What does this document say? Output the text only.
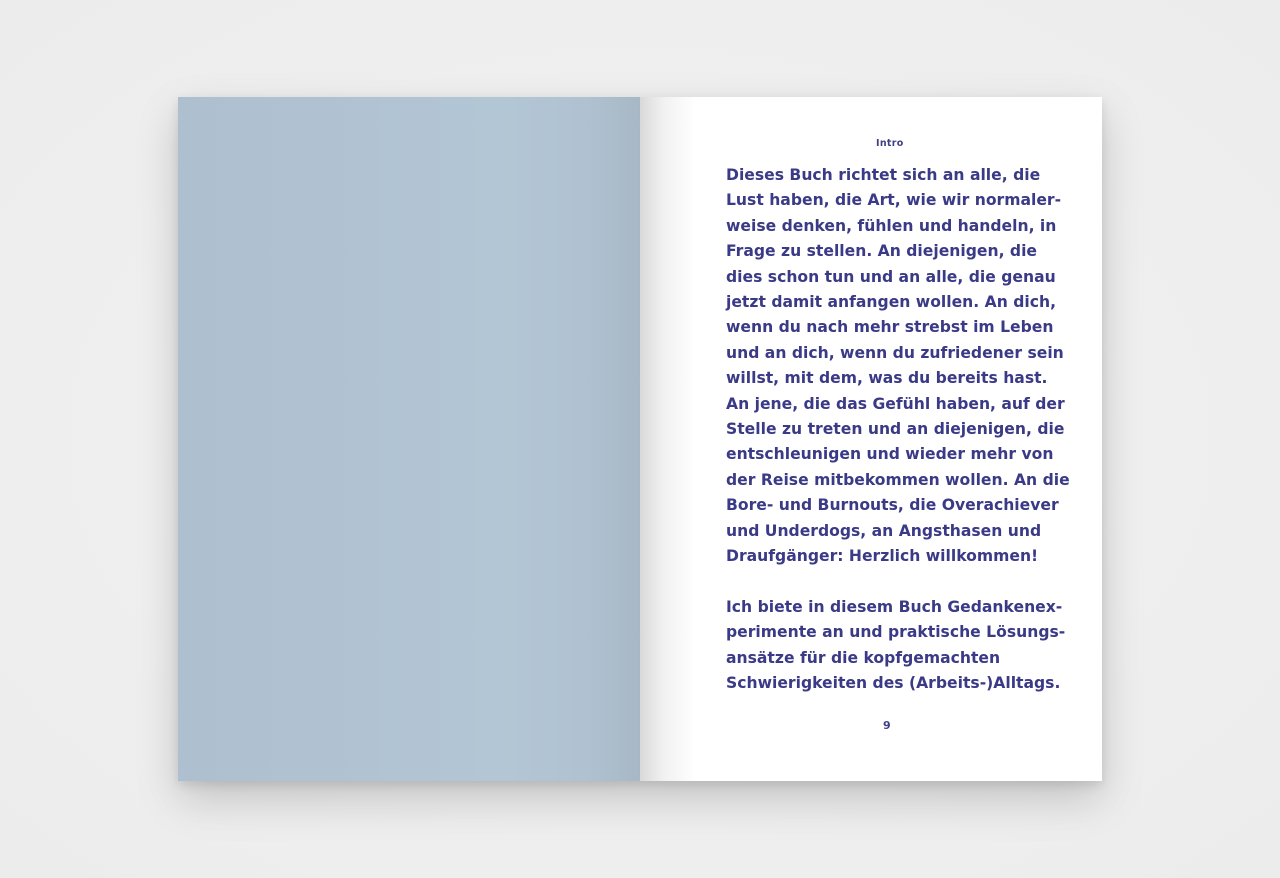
Intro

Dieses Buch richtet sich an alle, die
Lust haben, die Art, wie wir normaler-
weise denken, fühlen und handeln, in
Frage zu stellen. An diejenigen, die
dies schon tun und an alle, die genau
jetzt damit anfangen wollen. An dich,
wenn du nach mehr strebst im Leben
und an dich, wenn du zufriedener sein
willst, mit dem, was du bereits hast.
An jene, die das Gefühl haben, auf der
Stelle zu treten und an diejenigen, die
entschleunigen und wieder mehr von
der Reise mitbekommen wollen. An die
Bore- und Burnouts, die Overachiever
und Underdogs, an Angsthasen und
Draufgänger: Herzlich willkommen!

Ich biete in diesem Buch Gedankenex-
perimente an und praktische Lösungs-
ansätze für die kopfgemachten
Schwierigkeiten des (Arbeits-)Alltags.

9
